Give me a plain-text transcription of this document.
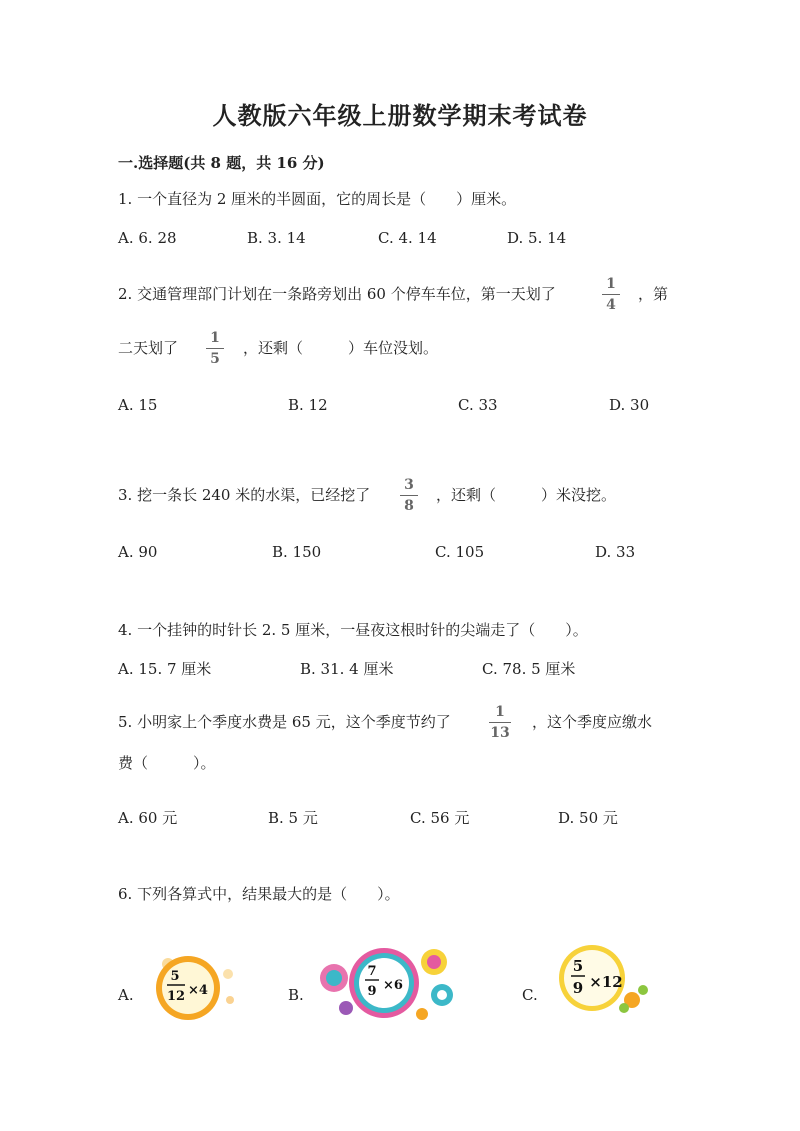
人教版六年级上册数学期末考试卷
一.选择题(共 8 题，共 16 分)
1. 一个直径为 2 厘米的半圆面，它的周长是（　　）厘米。
A. 6. 28	B. 3. 14	C. 4. 14	D. 5. 14
2. 交通管理部门计划在一条路旁划出 60 个停车车位，第一天划了
1
4
，第
二天划了
1
5
，还剩（　　　）车位没划。
A. 15	B. 12	C. 33	D. 30
3. 挖一条长 240 米的水渠，已经挖了
3
8
，还剩（　　　）米没挖。
A. 90	B. 150	C. 105	D. 33
4. 一个挂钟的时针长 2. 5 厘米，一昼夜这根时针的尖端走了（　　）。
A. 15. 7 厘米	B. 31. 4 厘米	C. 78. 5 厘米
5. 小明家上个季度水费是 65 元，这个季度节约了
1
13
，这个季度应缴水
费（　　　）。
A. 60 元	B. 5 元	C. 56 元	D. 50 元
6. 下列各算式中，结果最大的是（　　）。
A.
5
12 ×4	B.
7
9 ×6
C.
5
9 ×12
